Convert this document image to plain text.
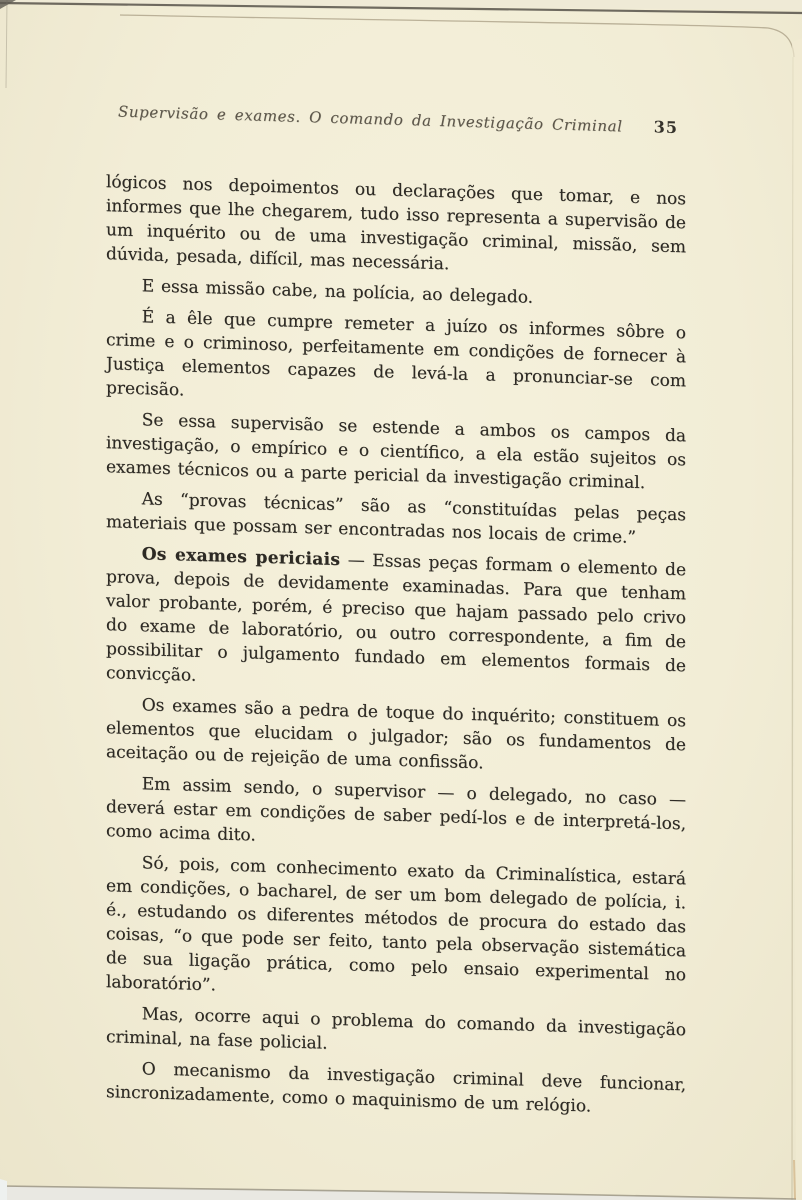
Supervisão e exames. O comando da Investigação Criminal 35

lógicos nos depoimentos ou declarações que tomar, e nos informes que lhe chegarem, tudo isso representa a supervisão de um inquérito ou de uma investigação criminal, missão, sem dúvida, pesada, difícil, mas necessária.

E essa missão cabe, na polícia, ao delegado.

É a êle que cumpre remeter a juízo os informes sôbre o crime e o criminoso, perfeitamente em condições de fornecer à Justiça elementos capazes de levá-la a pronunciar-se com precisão.

Se essa supervisão se estende a ambos os campos da investigação, o empírico e o científico, a ela estão sujeitos os exames técnicos ou a parte pericial da investigação criminal.

As “provas técnicas” são as “constituídas pelas peças materiais que possam ser encontradas nos locais de crime.”

Os exames periciais — Essas peças formam o elemento de prova, depois de devidamente examinadas. Para que tenham valor probante, porém, é preciso que hajam passado pelo crivo do exame de laboratório, ou outro correspondente, a fim de possibilitar o julgamento fundado em elementos formais de convicção.

Os exames são a pedra de toque do inquérito; constituem os elementos que elucidam o julgador; são os fundamentos de aceitação ou de rejeição de uma confissão.

Em assim sendo, o supervisor — o delegado, no caso — deverá estar em condições de saber pedí-los e de interpretá-los, como acima dito.

Só, pois, com conhecimento exato da Criminalística, estará em condições, o bacharel, de ser um bom delegado de polícia, i. é., estudando os diferentes métodos de procura do estado das coisas, “o que pode ser feito, tanto pela observação sistemática de sua ligação prática, como pelo ensaio experimental no laboratório”.

Mas, ocorre aqui o problema do comando da investigação criminal, na fase policial.

O mecanismo da investigação criminal deve funcionar, sincronizadamente, como o maquinismo de um relógio.
